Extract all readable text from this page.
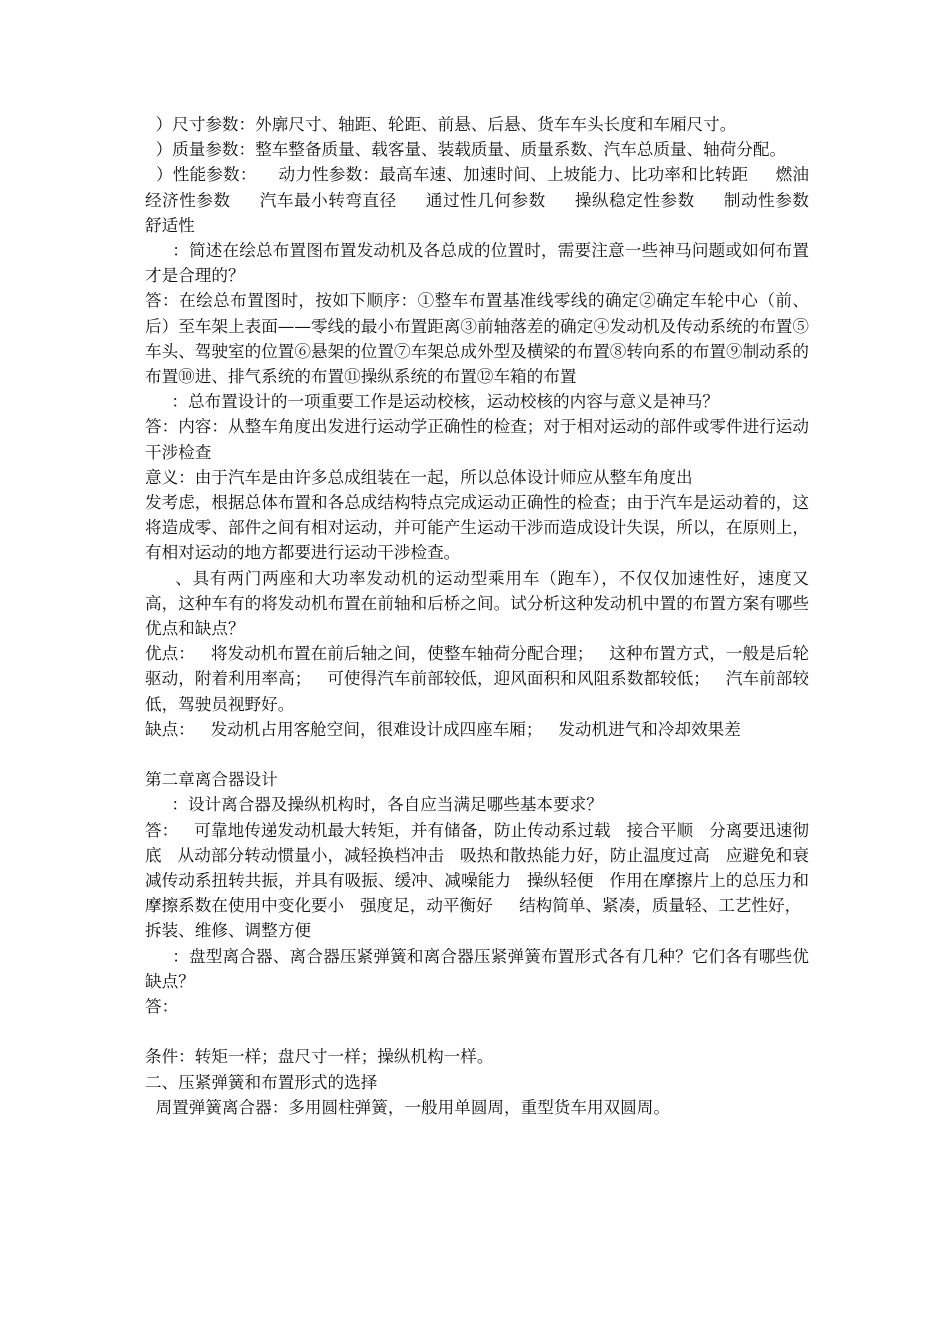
）尺寸参数：外廓尺寸、轴距、轮距、前悬、后悬、货车车头长度和车厢尺寸。

）质量参数：整车整备质量、载客量、装载质量、质量系数、汽车总质量、轴荷分配。

）性能参数：    动力性参数：最高车速、加速时间、上坡能力、比功率和比转距     燃油经济性参数     汽车最小转弯直径     通过性几何参数     操纵稳定性参数     制动性参数     舒适性

：简述在绘总布置图布置发动机及各总成的位置时，需要注意一些神马问题或如何布置才是合理的？

答：在绘总布置图时，按如下顺序：①整车布置基准线零线的确定②确定车轮中心（前、后）至车架上表面——零线的最小布置距离③前轴落差的确定④发动机及传动系统的布置⑤车头、驾驶室的位置⑥悬架的位置⑦车架总成外型及横梁的布置⑧转向系的布置⑨制动系的布置⑩进、排气系统的布置⑪操纵系统的布置⑫车箱的布置

：总布置设计的一项重要工作是运动校核，运动校核的内容与意义是神马？

答：内容：从整车角度出发进行运动学正确性的检查；对于相对运动的部件或零件进行运动干涉检查

意义：由于汽车是由许多总成组装在一起，所以总体设计师应从整车角度出

发考虑，根据总体布置和各总成结构特点完成运动正确性的检查；由于汽车是运动着的，这将造成零、部件之间有相对运动，并可能产生运动干涉而造成设计失误，所以，在原则上，有相对运动的地方都要进行运动干涉检查。

、具有两门两座和大功率发动机的运动型乘用车（跑车），不仅仅加速性好，速度又高，这种车有的将发动机布置在前轴和后桥之间。试分析这种发动机中置的布置方案有哪些优点和缺点？

优点：   将发动机布置在前后轴之间，使整车轴荷分配合理；   这种布置方式，一般是后轮驱动，附着利用率高；   可使得汽车前部较低，迎风面积和风阻系数都较低；   汽车前部较低，驾驶员视野好。

缺点：   发动机占用客舱空间，很难设计成四座车厢；   发动机进气和冷却效果差

第二章离合器设计

：设计离合器及操纵机构时，各自应当满足哪些基本要求？

答：   可靠地传递发动机最大转矩，并有储备，防止传动系过载   接合平顺   分离要迅速彻底   从动部分转动惯量小，减轻换档冲击   吸热和散热能力好，防止温度过高   应避免和衰减传动系扭转共振，并具有吸振、缓冲、减噪能力   操纵轻便   作用在摩擦片上的总压力和摩擦系数在使用中变化要小   强度足，动平衡好     结构简单、紧凑，质量轻、工艺性好，

拆装、维修、调整方便

：盘型离合器、离合器压紧弹簧和离合器压紧弹簧布置形式各有几种？它们各有哪些优缺点？

答：

条件：转矩一样；盘尺寸一样；操纵机构一样。

二、压紧弹簧和布置形式的选择

周置弹簧离合器：多用圆柱弹簧，一般用单圆周，重型货车用双圆周。
